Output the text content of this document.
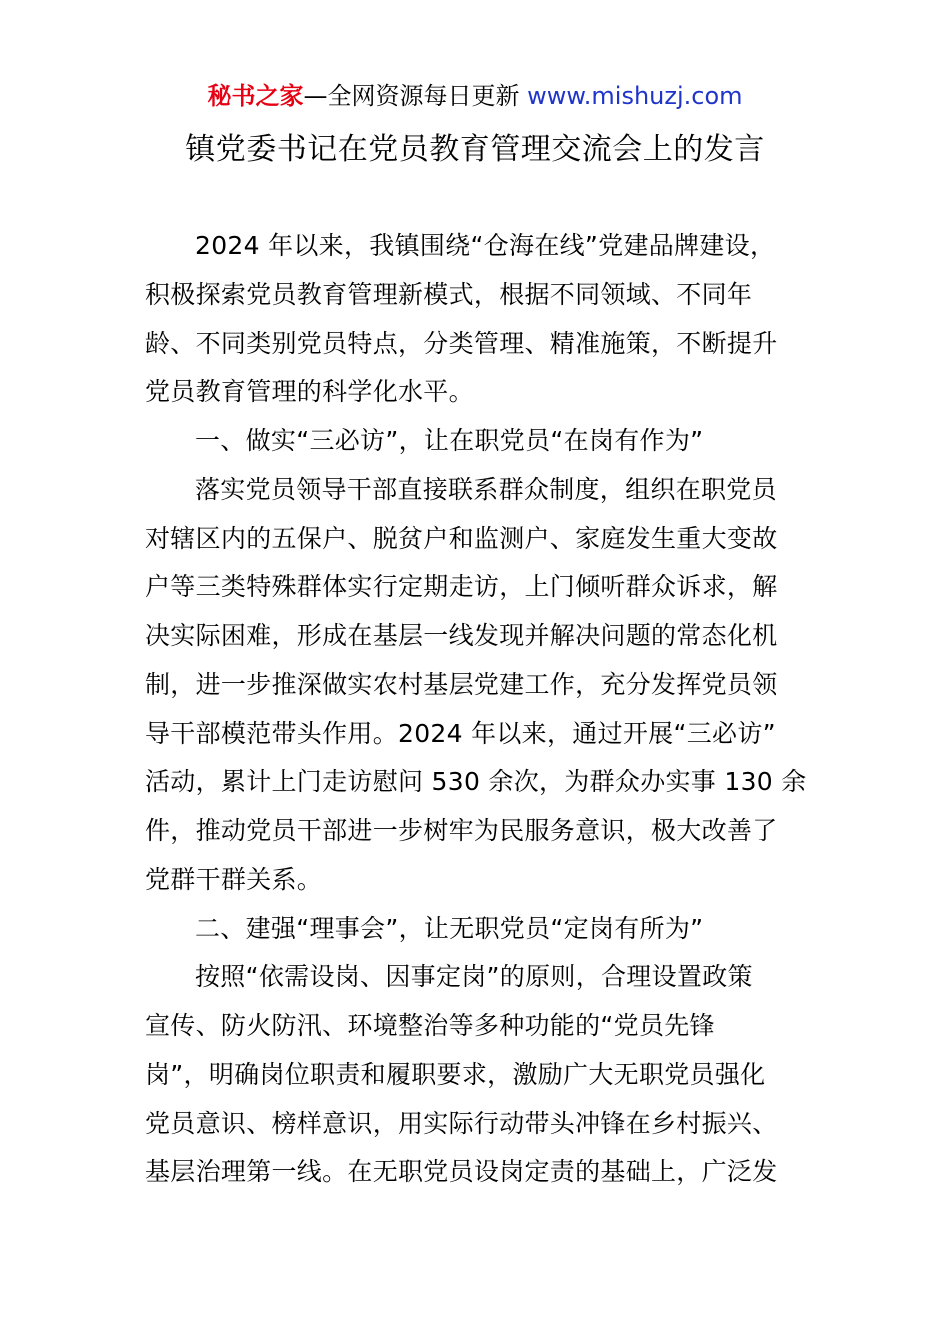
秘书之家—全网资源每日更新 www.mishuzj.com
镇党委书记在党员教育管理交流会上的发言
2024 年以来，我镇围绕“仓海在线”党建品牌建设，
积极探索党员教育管理新模式，根据不同领域、不同年
龄、不同类别党员特点，分类管理、精准施策，不断提升
党员教育管理的科学化水平。
一、做实“三必访”，让在职党员“在岗有作为”
落实党员领导干部直接联系群众制度，组织在职党员
对辖区内的五保户、脱贫户和监测户、家庭发生重大变故
户等三类特殊群体实行定期走访，上门倾听群众诉求，解
决实际困难，形成在基层一线发现并解决问题的常态化机
制，进一步推深做实农村基层党建工作，充分发挥党员领
导干部模范带头作用。2024 年以来，通过开展“三必访”
活动，累计上门走访慰问 530 余次，为群众办实事 130 余
件，推动党员干部进一步树牢为民服务意识，极大改善了
党群干群关系。
二、建强“理事会”，让无职党员“定岗有所为”
按照“依需设岗、因事定岗”的原则，合理设置政策
宣传、防火防汛、环境整治等多种功能的“党员先锋
岗”，明确岗位职责和履职要求，激励广大无职党员强化
党员意识、榜样意识，用实际行动带头冲锋在乡村振兴、
基层治理第一线。在无职党员设岗定责的基础上，广泛发
